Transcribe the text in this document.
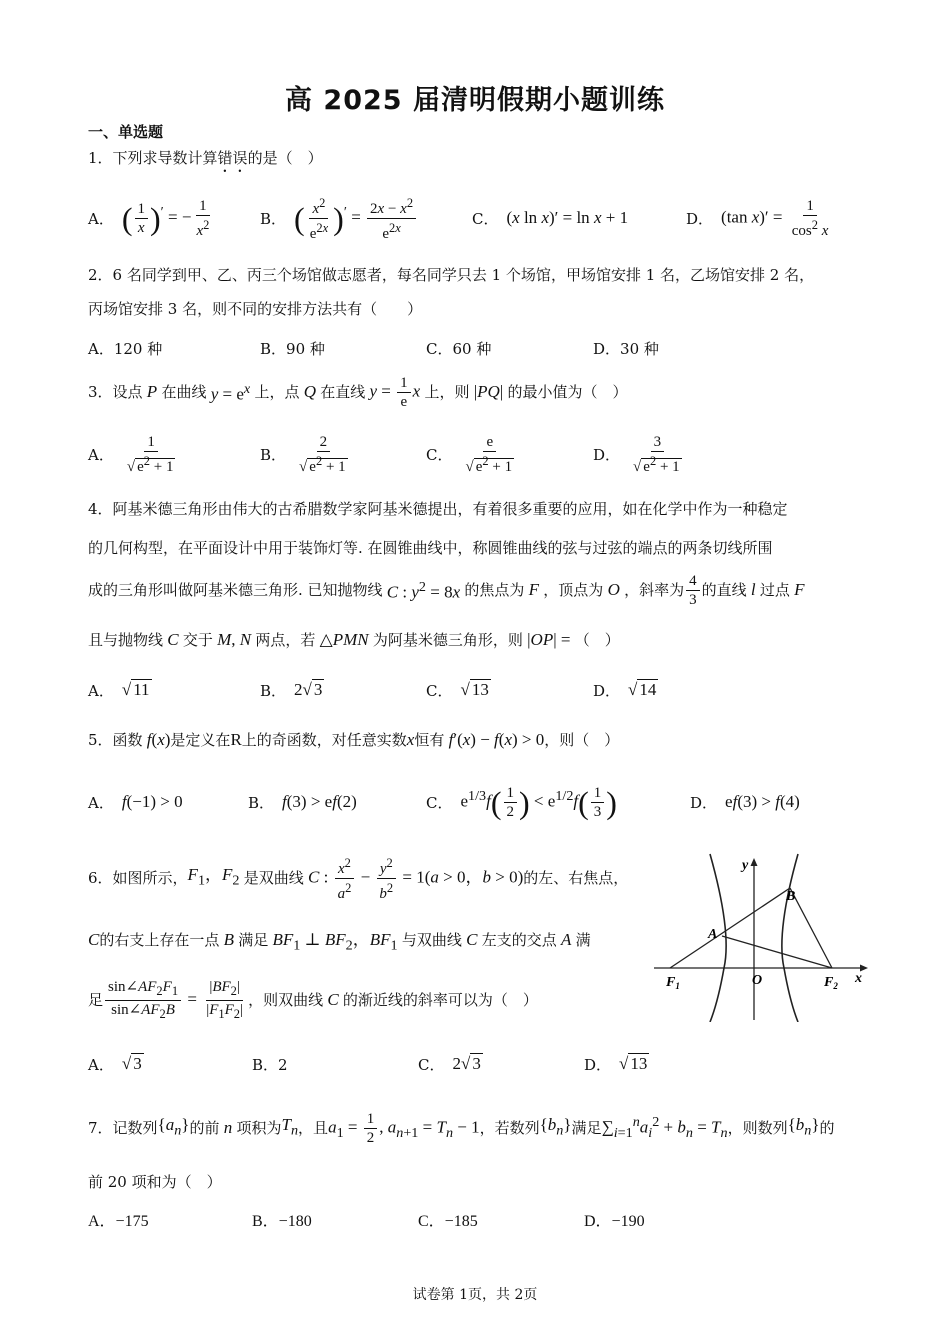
高 2025 届清明假期小题训练
一、单选题
1．下列求导数计算错误的是（　）
A． ( $\frac{1}{x} )'$ = − $\frac{1}{x^2}$	B． ( $\frac{x^2}{e^{2x}} )' = \frac{2x - x^2}{e^{2x}}$	C． (x ln x)′ = ln x + 1	D． (tan $x)' = \frac{1}{\cos^2 x}$
2．6 名同学到甲、乙、丙三个场馆做志愿者，每名同学只去 1 个场馆，甲场馆安排 1 名，乙场馆安排 2 名，
丙场馆安排 3 名，则不同的安排方法共有（　　）
A．120 种	B．90 种	C．60 种	D．30 种
3．设点 P 在曲线 $y = e^x$ 上，点 Q 在直线 $y = \frac{1}{e}$ x 上，则 |PQ| 的最小值为（　）
A． $\frac{1}{√ e^2 + 1}$	B． $\frac{2}{√ e^2 + 1}$	C． $\frac{e}{√ e^2 + 1}$	D． $\frac{3}{√ e^2 + 1}$
4．阿基米德三角形由伟大的古希腊数学家阿基米德提出，有着很多重要的应用，如在化学中作为一种稳定
的几何构型，在平面设计中用于装饰灯等. 在圆锥曲线中，称圆锥曲线的弦与过弦的端点的两条切线所围
成的三角形叫做阿基米德三角形. 已知抛物线 C : $y^2 = 8x$ 的焦点为 F ，顶点为 O ，斜率为 $\frac{4}{3}$ 的直线 l 过点 F
且与抛物线 C 交于 M, N 两点，若 △PMN 为阿基米德三角形，则 |OP| = （　）
A． √ 11	B． 2√ 3	C． √ 13	D． √ 14
5．函数 f(x)是定义在R上的奇函数，对任意实数x恒有 f′(x) − f(x) > 0，则（　）
A． f(−1) > 0	B． f(3) > ef(2)	C． $e^{1/3}f( \frac{1}{2}$ ) < $e^{1/2}f( \frac{1}{3}$ )	D． ef(3) > f(4)
6．如图所示， $F_1$，$F_2$ 是双曲线 C : $\frac{x^2}{a^2} - \frac{y^2}{b^2} = 1(a > 0$，b > 0) 的左、右焦点，
C的右支上存在一点 B 满足 $BF_1$ ⊥ $BF_2$，$BF_1$ 与双曲线 C 左支的交点 A 满
足 $\frac{\sin\angle AF_2F_1}{\sin\angle AF_2B} = \frac{|BF_2|}{|F_1F_2|}$ ，则双曲线 C 的渐近线的斜率可以为（　）
y
x
B
A
O
$F_1$	$F_2$
A． √ 3	B．2	C． 2√ 3	D． √ 13
7．记数列 $\{a_n\}$ 的前 n 项积为 $T_n$ ，且 $a_1 = \frac{1}{2}$ , $a_{n+1} = T_n - 1$ ，若数列 $\{b_n\}$ 满足 $\sum_{i=1}^na_i^2 + b_n = T_n$ ，则数列 $\{b_n\}$ 的
前 20 项和为（　）
A．−175	B．−180	C．−185	D．−190
试卷第 1页，共 2页
